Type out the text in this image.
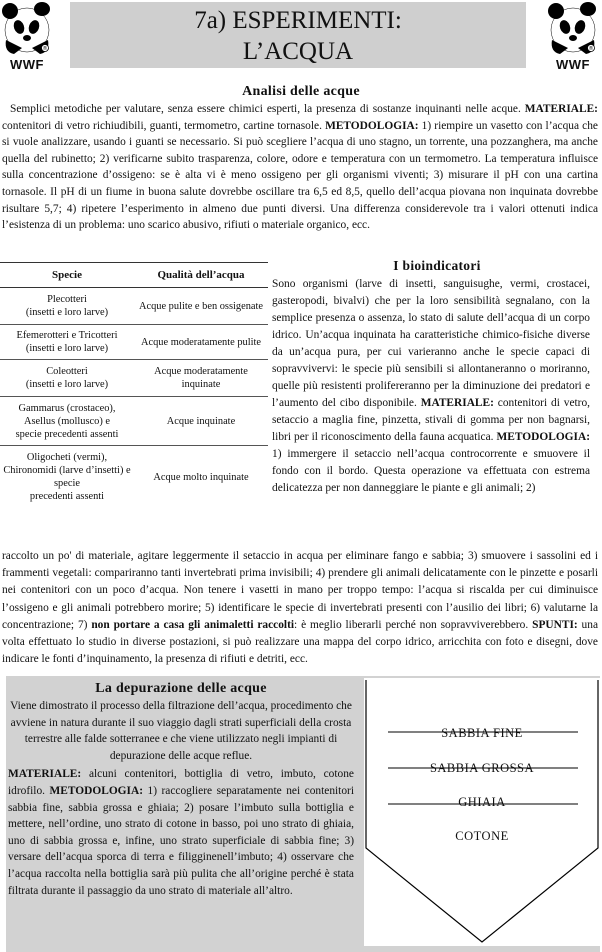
®
WWF
7a) ESPERIMENTI:
L’ACQUA	®
WWF
Analisi delle acque
Semplici metodiche per valutare, senza essere chimici esperti, la presenza di sostanze inquinanti nelle acque. MATERIALE: contenitori di vetro richiudibili, guanti, termometro, cartine tornasole. METODOLOGIA: 1) riempire un vasetto con l’acqua che si vuole analizzare, usando i guanti se necessario. Si può scegliere l’acqua di uno stagno, un torrente, una pozzanghera, ma anche quella del rubinetto; 2) verificarne subito trasparenza, colore, odore e temperatura con un termometro. La temperatura influisce sulla concentrazione d’ossigeno: se è alta vi è meno ossigeno per gli organismi viventi; 3) misurare il pH con una cartina tornasole. Il pH di un fiume in buona salute dovrebbe oscillare tra 6,5 ed 8,5, quello dell’acqua piovana non inquinata dovrebbe risultare 5,7; 4) ripetere l’esperimento in almeno due punti diversi. Una differenza considerevole tra i valori ottenuti indica l’esistenza di un problema: uno scarico abusivo, rifiuti o materiale organico, ecc.
Specie	Qualità dell’acqua
Plecotteri
(insetti e loro larve)	Acque pulite e ben ossigenate
Efemerotteri e Tricotteri
(insetti e loro larve)	Acque moderatamente pulite
Coleotteri
(insetti e loro larve)	Acque moderatamente inquinate
Gammarus (crostaceo), Asellus (mollusco) e
specie precedenti assenti	Acque inquinate
Oligocheti (vermi), Chironomidi (larve d’insetti) e specie
precedenti assenti	Acque molto inquinate
I bioindicatori
Sono organismi (larve di insetti, sanguisughe, vermi, crostacei, gasteropodi, bivalvi) che per la loro sensibilità segnalano, con la semplice presenza o assenza, lo stato di salute dell’acqua di un corpo idrico. Un’acqua inquinata ha caratteristiche chimico-fisiche diverse da un’acqua pura, per cui varieranno anche le specie capaci di sopravvivervi: le specie più sensibili si allontaneranno o moriranno, quelle più resistenti prolifereranno per la diminuzione dei predatori e l’aumento del cibo disponibile. MATERIALE: contenitori di vetro, setaccio a maglia fine, pinzetta, stivali di gomma per non bagnarsi, libri per il riconoscimento della fauna acquatica. METODOLOGIA: 1) immergere il setaccio nell’acqua controcorrente e smuovere il fondo con il bordo. Questa operazione va effettuata con estrema delicatezza per non danneggiare le piante e gli animali; 2)
raccolto un po' di materiale, agitare leggermente il setaccio in acqua per eliminare fango e sabbia; 3) smuovere i sassolini ed i frammenti vegetali: compariranno tanti invertebrati prima invisibili; 4) prendere gli animali delicatamente con le pinzette e posarli nei contenitori con un poco d’acqua. Non tenere i vasetti in mano per troppo tempo: l’acqua si riscalda per cui diminuisce l’ossigeno e gli animali potrebbero morire; 5) identificare le specie di invertebrati presenti con l’ausilio dei libri; 6) valutarne la concentrazione; 7) non portare a casa gli animaletti raccolti: è meglio liberarli perché non sopravviverebbero. SPUNTI: una volta effettuato lo studio in diverse postazioni, si può realizzare una mappa del corpo idrico, arricchita con foto e disegni, dove indicare le fonti d’inquinamento, la presenza di rifiuti e detriti, ecc.
La depurazione delle acque
Viene dimostrato il processo della filtrazione dell’acqua, procedimento che avviene in natura durante il suo viaggio dagli strati superficiali della crosta terrestre alle falde sotterranee e che viene utilizzato negli impianti di depurazione delle acque reflue.
MATERIALE: alcuni contenitori, bottiglia di vetro, imbuto, cotone idrofilo. METODOLOGIA: 1) raccogliere separatamente nei contenitori sabbia fine, sabbia grossa e ghiaia; 2) posare l’imbuto sulla bottiglia e mettere, nell’ordine, uno strato di cotone in basso, poi uno strato di ghiaia, uno di sabbia grossa e, infine, uno strato superficiale di sabbia fine; 3) versare dell’acqua sporca di terra e filigginenell’imbuto; 4) osservare che l’acqua raccolta nella bottiglia sarà più pulita che all’origine perché è stata filtrata durante il passaggio da uno strato di materiale all’altro.
SABBIA FINE
SABBIA GROSSA
GHIAIA
COTONE
